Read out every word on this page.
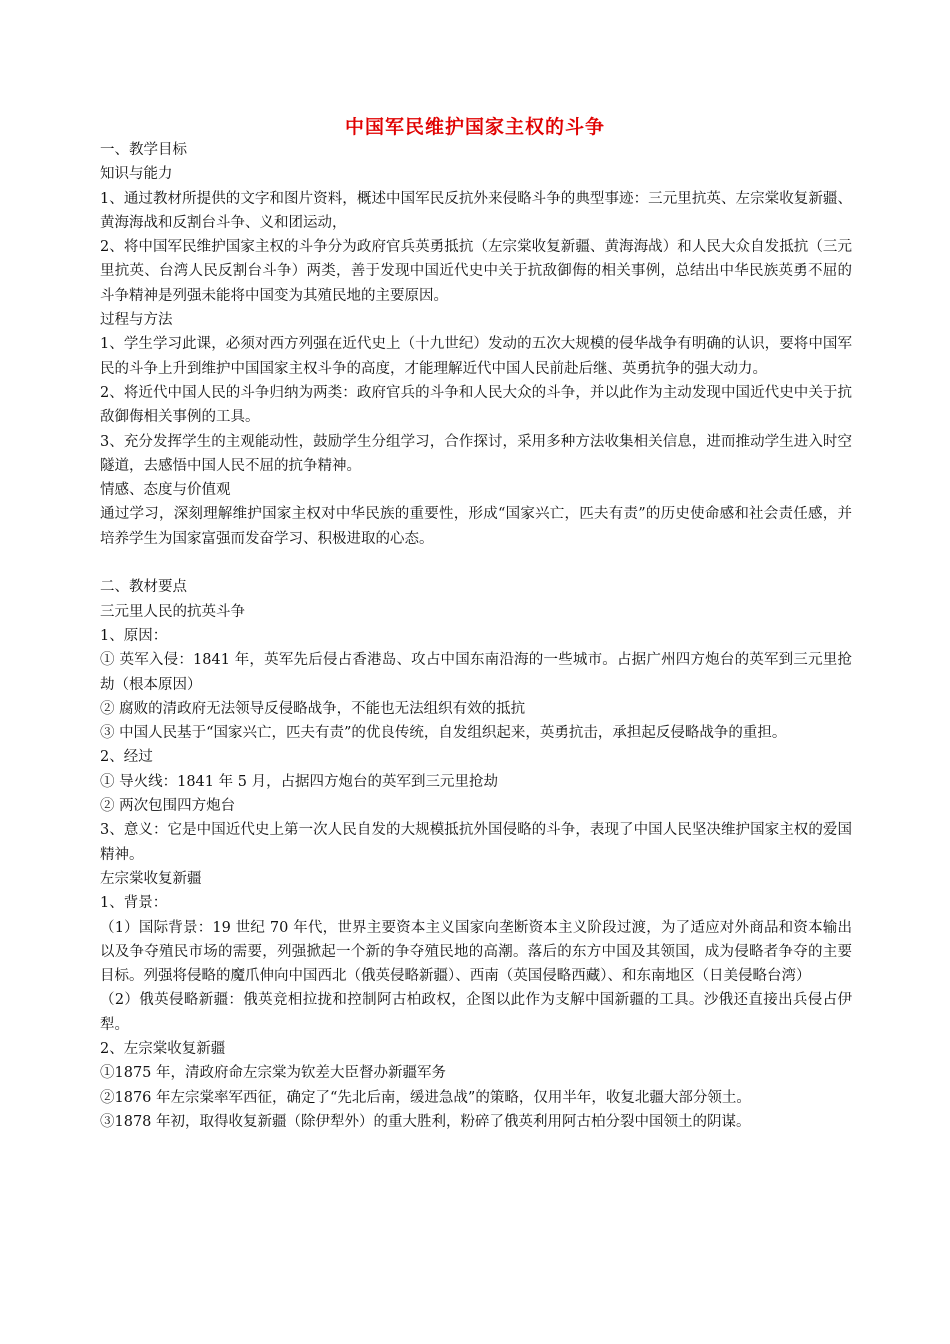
中国军民维护国家主权的斗争

一、教学目标

知识与能力

1、通过教材所提供的文字和图片资料，概述中国军民反抗外来侵略斗争的典型事迹：三元里抗英、左宗棠收复新疆、黄海海战和反割台斗争、义和团运动，

2、将中国军民维护国家主权的斗争分为政府官兵英勇抵抗（左宗棠收复新疆、黄海海战）和人民大众自发抵抗（三元里抗英、台湾人民反割台斗争）两类，善于发现中国近代史中关于抗敌御侮的相关事例，总结出中华民族英勇不屈的斗争精神是列强未能将中国变为其殖民地的主要原因。

过程与方法

1、学生学习此课，必须对西方列强在近代史上（十九世纪）发动的五次大规模的侵华战争有明确的认识，要将中国军民的斗争上升到维护中国国家主权斗争的高度，才能理解近代中国人民前赴后继、英勇抗争的强大动力。

2、将近代中国人民的斗争归纳为两类：政府官兵的斗争和人民大众的斗争，并以此作为主动发现中国近代史中关于抗敌御侮相关事例的工具。

3、充分发挥学生的主观能动性，鼓励学生分组学习，合作探讨，采用多种方法收集相关信息，进而推动学生进入时空隧道，去感悟中国人民不屈的抗争精神。

情感、态度与价值观

通过学习，深刻理解维护国家主权对中华民族的重要性，形成“国家兴亡，匹夫有责”的历史使命感和社会责任感，并培养学生为国家富强而发奋学习、积极进取的心态。

二、教材要点

三元里人民的抗英斗争

1、原因：

① 英军入侵：1841 年，英军先后侵占香港岛、攻占中国东南沿海的一些城市。占据广州四方炮台的英军到三元里抢劫（根本原因）

② 腐败的清政府无法领导反侵略战争，不能也无法组织有效的抵抗

③ 中国人民基于“国家兴亡，匹夫有责”的优良传统，自发组织起来，英勇抗击，承担起反侵略战争的重担。

2、经过

① 导火线：1841 年 5 月，占据四方炮台的英军到三元里抢劫

② 两次包围四方炮台

3、意义：它是中国近代史上第一次人民自发的大规模抵抗外国侵略的斗争，表现了中国人民坚决维护国家主权的爱国精神。

左宗棠收复新疆

1、背景：

（1）国际背景：19 世纪 70 年代，世界主要资本主义国家向垄断资本主义阶段过渡，为了适应对外商品和资本输出以及争夺殖民市场的需要，列强掀起一个新的争夺殖民地的高潮。落后的东方中国及其领国，成为侵略者争夺的主要目标。列强将侵略的魔爪伸向中国西北（俄英侵略新疆）、西南（英国侵略西藏）、和东南地区（日美侵略台湾）

（2）俄英侵略新疆：俄英竞相拉拢和控制阿古柏政权，企图以此作为支解中国新疆的工具。沙俄还直接出兵侵占伊犁。

2、左宗棠收复新疆

①1875 年，清政府命左宗棠为钦差大臣督办新疆军务

②1876 年左宗棠率军西征，确定了“先北后南，缓进急战”的策略，仅用半年，收复北疆大部分领土。

③1878 年初，取得收复新疆（除伊犁外）的重大胜利，粉碎了俄英利用阿古柏分裂中国领土的阴谋。
